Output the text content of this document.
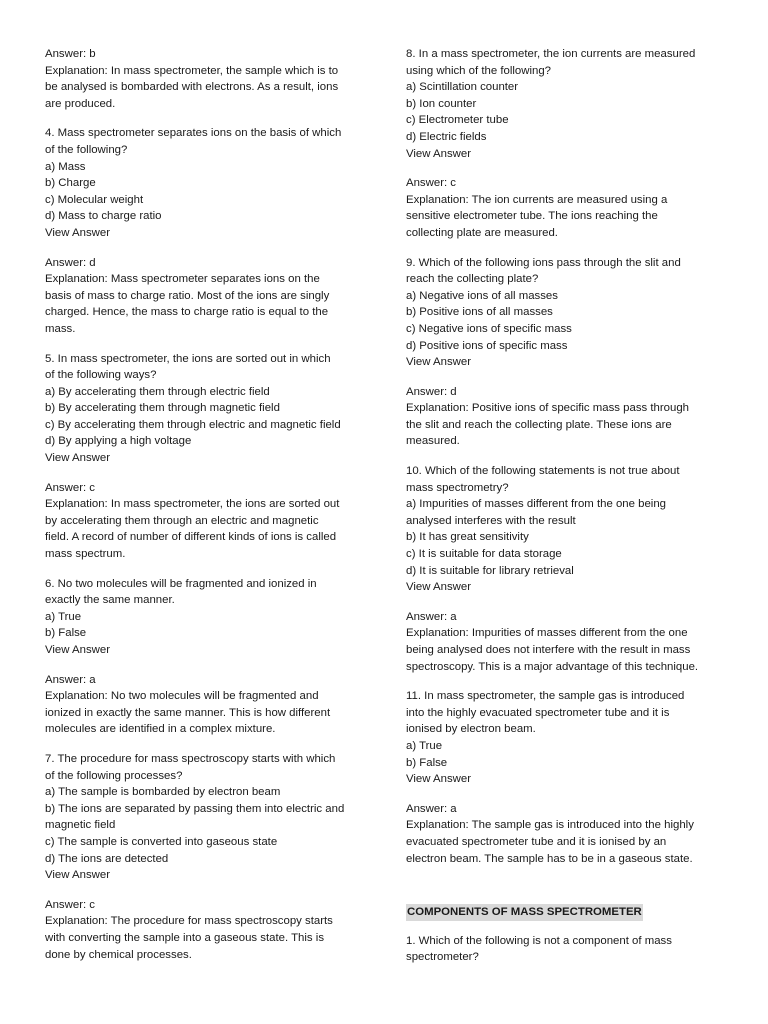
Answer: b
Explanation: In mass spectrometer, the sample which is to
be analysed is bombarded with electrons. As a result, ions
are produced.
4. Mass spectrometer separates ions on the basis of which
of the following?
a) Mass
b) Charge
c) Molecular weight
d) Mass to charge ratio
View Answer
Answer: d
Explanation: Mass spectrometer separates ions on the
basis of mass to charge ratio. Most of the ions are singly
charged. Hence, the mass to charge ratio is equal to the
mass.
5. In mass spectrometer, the ions are sorted out in which
of the following ways?
a) By accelerating them through electric field
b) By accelerating them through magnetic field
c) By accelerating them through electric and magnetic field
d) By applying a high voltage
View Answer
Answer: c
Explanation: In mass spectrometer, the ions are sorted out
by accelerating them through an electric and magnetic
field. A record of number of different kinds of ions is called
mass spectrum.
6. No two molecules will be fragmented and ionized in
exactly the same manner.
a) True
b) False
View Answer
Answer: a
Explanation: No two molecules will be fragmented and
ionized in exactly the same manner. This is how different
molecules are identified in a complex mixture.
7. The procedure for mass spectroscopy starts with which
of the following processes?
a) The sample is bombarded by electron beam
b) The ions are separated by passing them into electric and
magnetic field
c) The sample is converted into gaseous state
d) The ions are detected
View Answer
Answer: c
Explanation: The procedure for mass spectroscopy starts
with converting the sample into a gaseous state. This is
done by chemical processes.
8. In a mass spectrometer, the ion currents are measured
using which of the following?
a) Scintillation counter
b) Ion counter
c) Electrometer tube
d) Electric fields
View Answer
Answer: c
Explanation: The ion currents are measured using a
sensitive electrometer tube. The ions reaching the
collecting plate are measured.
9. Which of the following ions pass through the slit and
reach the collecting plate?
a) Negative ions of all masses
b) Positive ions of all masses
c) Negative ions of specific mass
d) Positive ions of specific mass
View Answer
Answer: d
Explanation: Positive ions of specific mass pass through
the slit and reach the collecting plate. These ions are
measured.
10. Which of the following statements is not true about
mass spectrometry?
a) Impurities of masses different from the one being
analysed interferes with the result
b) It has great sensitivity
c) It is suitable for data storage
d) It is suitable for library retrieval
View Answer
Answer: a
Explanation: Impurities of masses different from the one
being analysed does not interfere with the result in mass
spectroscopy. This is a major advantage of this technique.
11. In mass spectrometer, the sample gas is introduced
into the highly evacuated spectrometer tube and it is
ionised by electron beam.
a) True
b) False
View Answer
Answer: a
Explanation: The sample gas is introduced into the highly
evacuated spectrometer tube and it is ionised by an
electron beam. The sample has to be in a gaseous state.
COMPONENTS OF MASS SPECTROMETER
1. Which of the following is not a component of mass
spectrometer?
